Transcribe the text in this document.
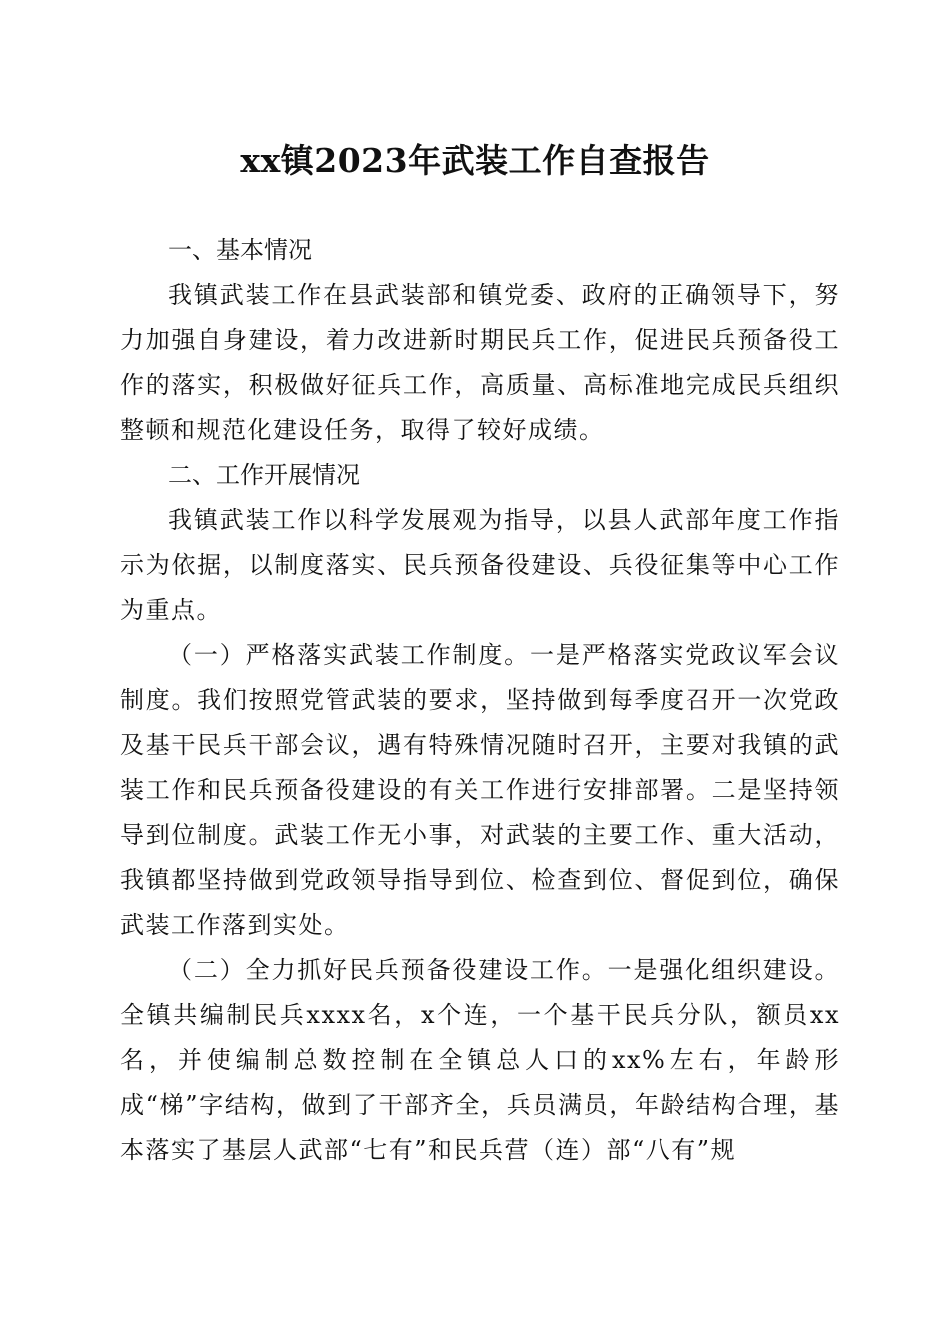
xx镇2023年武装工作自查报告
一、基本情况

我镇武装工作在县武装部和镇党委、政府的正确领导下，努力加强自身建设，着力改进新时期民兵工作，促进民兵预备役工作的落实，积极做好征兵工作，高质量、高标准地完成民兵组织整顿和规范化建设任务，取得了较好成绩。

二、工作开展情况

我镇武装工作以科学发展观为指导，以县人武部年度工作指示为依据，以制度落实、民兵预备役建设、兵役征集等中心工作为重点。

（一）严格落实武装工作制度。一是严格落实党政议军会议制度。我们按照党管武装的要求，坚持做到每季度召开一次党政及基干民兵干部会议，遇有特殊情况随时召开，主要对我镇的武装工作和民兵预备役建设的有关工作进行安排部署。二是坚持领导到位制度。武装工作无小事，对武装的主要工作、重大活动，我镇都坚持做到党政领导指导到位、检查到位、督促到位，确保武装工作落到实处。

（二）全力抓好民兵预备役建设工作。一是强化组织建设。全镇共编制民兵xxxx名，x个连，一个基干民兵分队，额员xx名，并使编制总数控制在全镇总人口的xx%左右，年龄形成“梯”字结构，做到了干部齐全，兵员满员，年龄结构合理，基本落实了基层人武部“七有”和民兵营（连）部“八有”规
